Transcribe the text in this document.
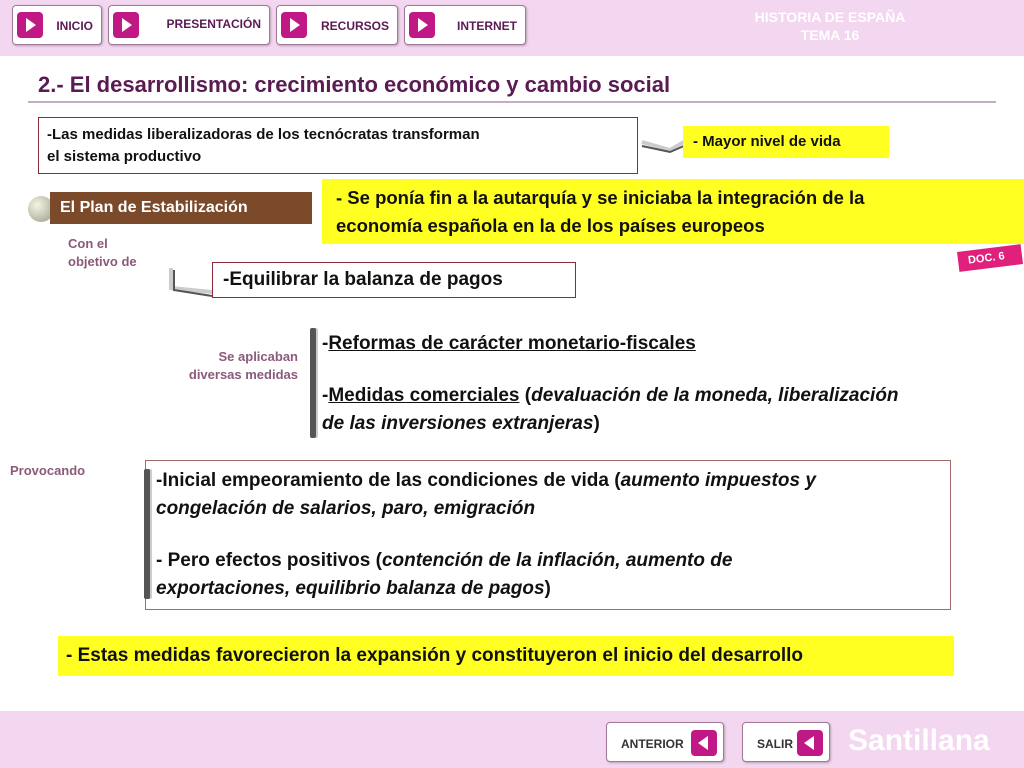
INICIO	PRESENTACIÓN	RECURSOS	INTERNET
HISTORIA DE ESPAÑA
TEMA 16
2.- El desarrollismo: crecimiento económico y cambio social
-Las medidas liberalizadoras de los tecnócratas transforman
el sistema productivo
- Mayor nivel de vida
El Plan de Estabilización	- Se ponía fin a la autarquía y se iniciaba la integración de la
economía española en la de los países europeos
DOC. 6
Con el
objetivo de
-Equilibrar la balanza de pagos
Se aplicaban
diversas medidas
-Reformas de carácter monetario-fiscales
-Medidas comerciales (devaluación de la moneda, liberalización
de las inversiones extranjeras)
Provocando	-Inicial empeoramiento de las condiciones de vida (aumento impuestos y
congelación de salarios, paro, emigración
- Pero efectos positivos (contención de la inflación, aumento de
exportaciones, equilibrio balanza de pagos)
- Estas medidas favorecieron la expansión y constituyeron el inicio del desarrollo
ANTERIOR	SALIR Santillana
